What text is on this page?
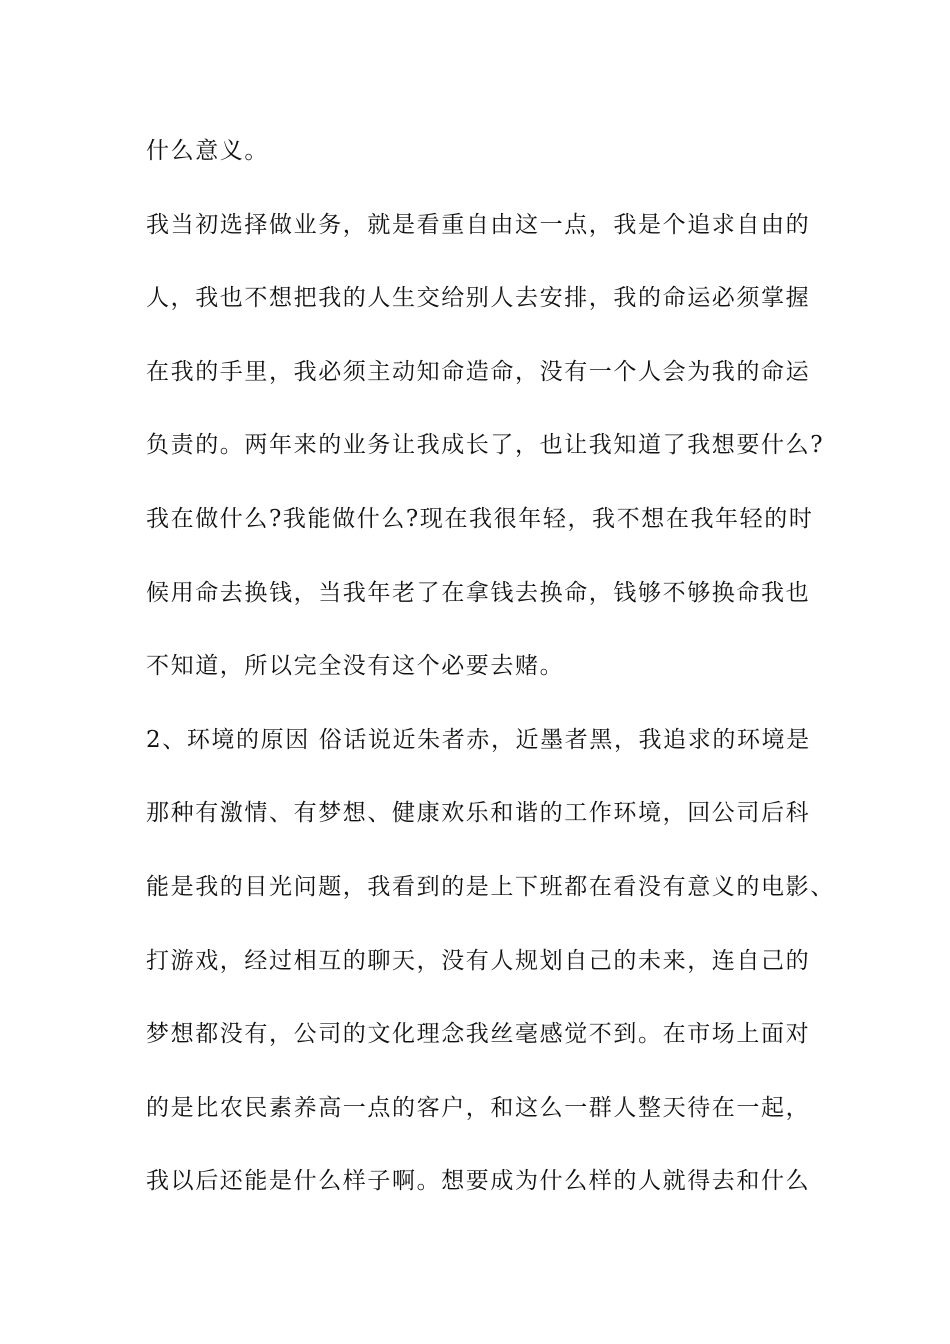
什么意义。
我当初选择做业务，就是看重自由这一点，我是个追求自由的
人，我也不想把我的人生交给别人去安排，我的命运必须掌握
在我的手里，我必须主动知命造命，没有一个人会为我的命运
负责的。两年来的业务让我成长了，也让我知道了我想要什么?
我在做什么?我能做什么?现在我很年轻，我不想在我年轻的时
候用命去换钱，当我年老了在拿钱去换命，钱够不够换命我也
不知道，所以完全没有这个必要去赌。
2、环境的原因 俗话说近朱者赤，近墨者黑，我追求的环境是
那种有激情、有梦想、健康欢乐和谐的工作环境，回公司后科
能是我的目光问题，我看到的是上下班都在看没有意义的电影、
打游戏，经过相互的聊天，没有人规划自己的未来，连自己的
梦想都没有，公司的文化理念我丝毫感觉不到。在市场上面对
的是比农民素养高一点的客户，和这么一群人整天待在一起，
我以后还能是什么样子啊。想要成为什么样的人就得去和什么
